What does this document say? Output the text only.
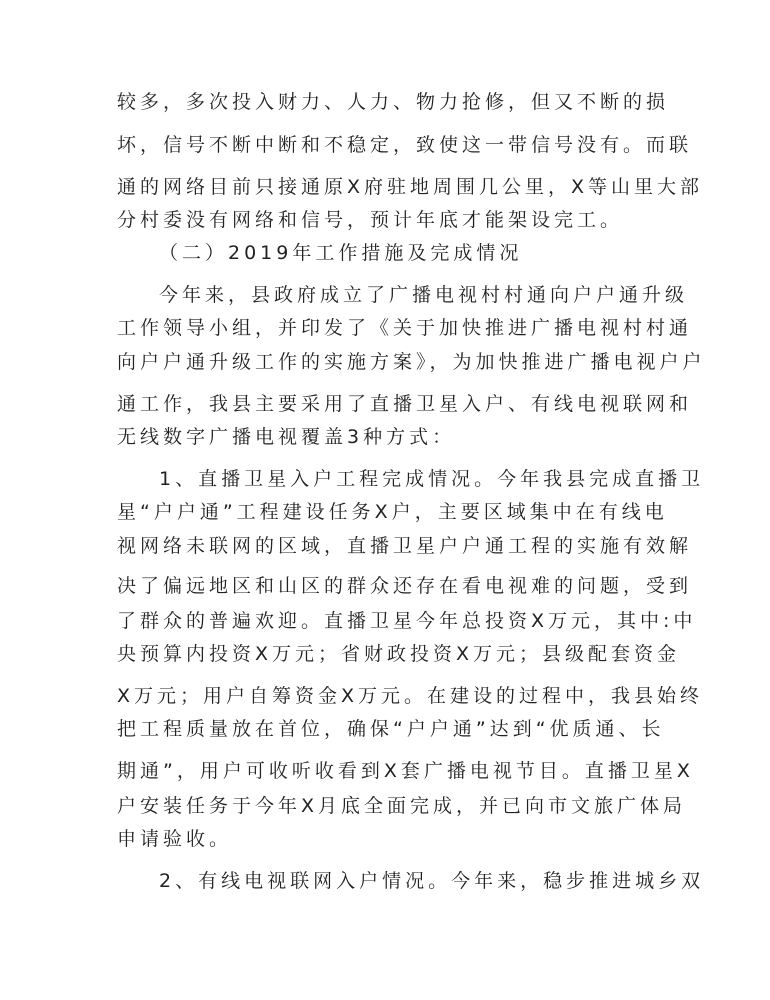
较多，多次投入财力、人力、物力抢修，但又不断的损
坏，信号不断中断和不稳定，致使这一带信号没有。而联
通的网络目前只接通原X府驻地周围几公里，X等山里大部
分村委没有网络和信号，预计年底才能架设完工。
（二）2019年工作措施及完成情况
今年来，县政府成立了广播电视村村通向户户通升级
工作领导小组，并印发了《关于加快推进广播电视村村通
向户户通升级工作的实施方案》，为加快推进广播电视户户
通工作，我县主要采用了直播卫星入户、有线电视联网和
无线数字广播电视覆盖3种方式：
1、直播卫星入户工程完成情况。今年我县完成直播卫
星“户户通”工程建设任务X户，主要区域集中在有线电
视网络未联网的区域，直播卫星户户通工程的实施有效解
决了偏远地区和山区的群众还存在看电视难的问题，受到
了群众的普遍欢迎。直播卫星今年总投资X万元，其中:中
央预算内投资X万元；省财政投资X万元；县级配套资金
X万元；用户自筹资金X万元。在建设的过程中，我县始终
把工程质量放在首位，确保“户户通”达到“优质通、长
期通”，用户可收听收看到X套广播电视节目。直播卫星X
户安装任务于今年X月底全面完成，并已向市文旅广体局
申请验收。
2、有线电视联网入户情况。今年来，稳步推进城乡双
